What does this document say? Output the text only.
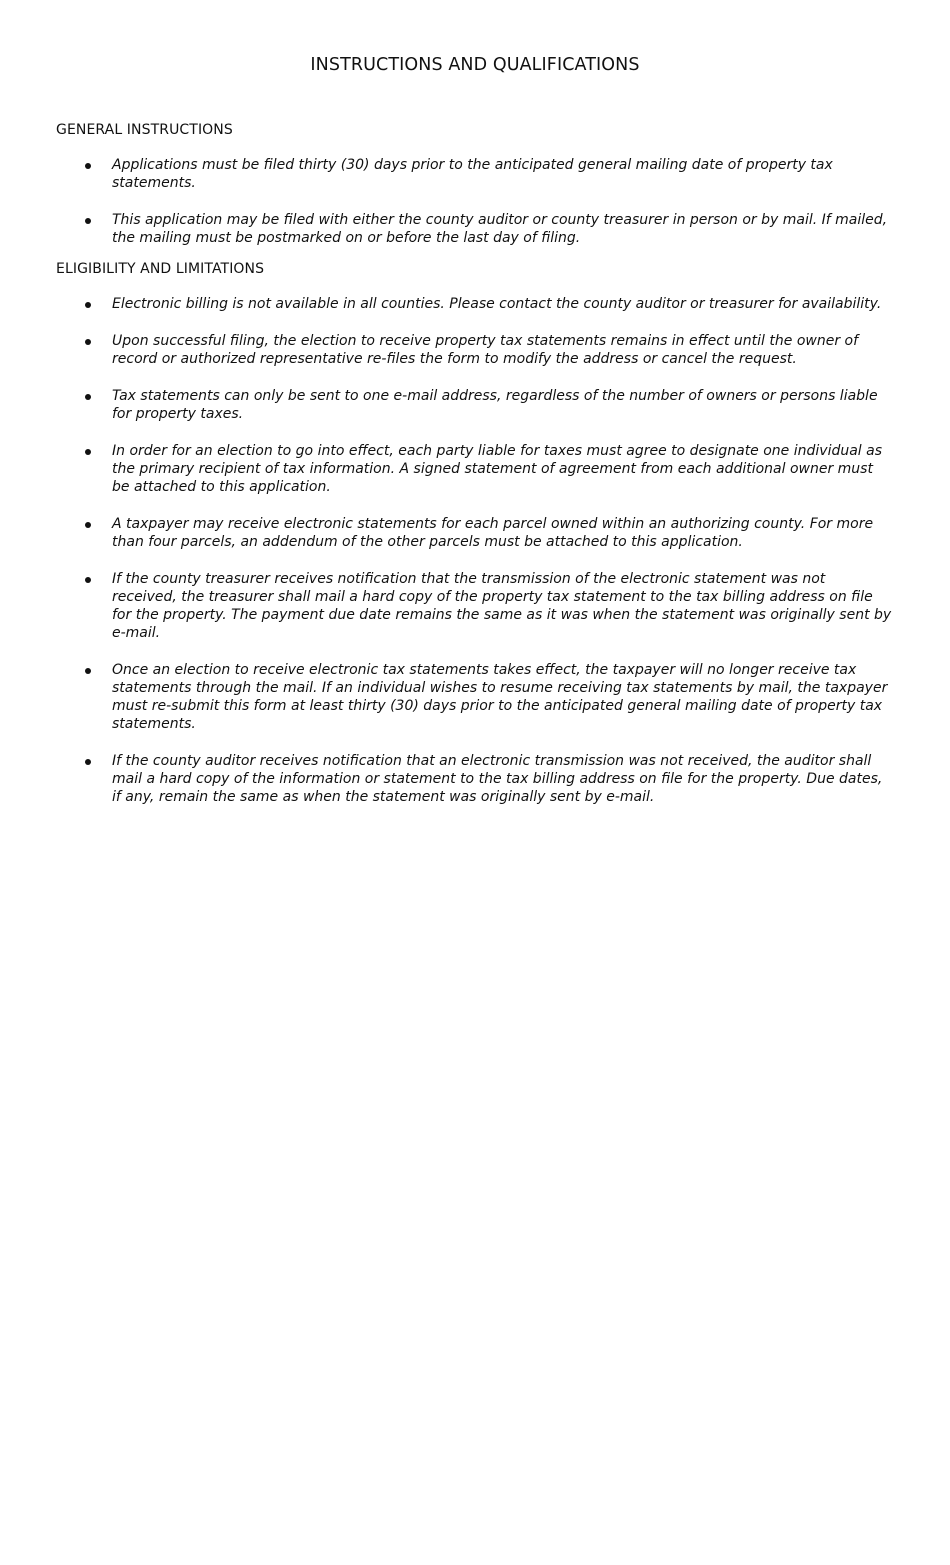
INSTRUCTIONS AND QUALIFICATIONS
GENERAL INSTRUCTIONS
Applications must be filed thirty (30) days prior to the anticipated general mailing date of property tax statements.
This application may be filed with either the county auditor or county treasurer in person or by mail. If mailed, the mailing must be postmarked on or before the last day of filing.
ELIGIBILITY AND LIMITATIONS
Electronic billing is not available in all counties. Please contact the county auditor or treasurer for availability.
Upon successful filing, the election to receive property tax statements remains in effect until the owner of record or authorized representative re-files the form to modify the address or cancel the request.
Tax statements can only be sent to one e-mail address, regardless of the number of owners or persons liable for property taxes.
In order for an election to go into effect, each party liable for taxes must agree to designate one individual as the primary recipient of tax information. A signed statement of agreement from each additional owner must be attached to this application.
A taxpayer may receive electronic statements for each parcel owned within an authorizing county. For more than four parcels, an addendum of the other parcels must be attached to this application.
If the county treasurer receives notification that the transmission of the electronic statement was not received, the treasurer shall mail a hard copy of the property tax statement to the tax billing address on file for the property. The payment due date remains the same as it was when the statement was originally sent by e-mail.
Once an election to receive electronic tax statements takes effect, the taxpayer will no longer receive tax statements through the mail. If an individual wishes to resume receiving tax statements by mail, the taxpayer must re-submit this form at least thirty (30) days prior to the anticipated general mailing date of property tax statements.
If the county auditor receives notification that an electronic transmission was not received, the auditor shall mail a hard copy of the information or statement to the tax billing address on file for the property. Due dates, if any, remain the same as when the statement was originally sent by e-mail.
